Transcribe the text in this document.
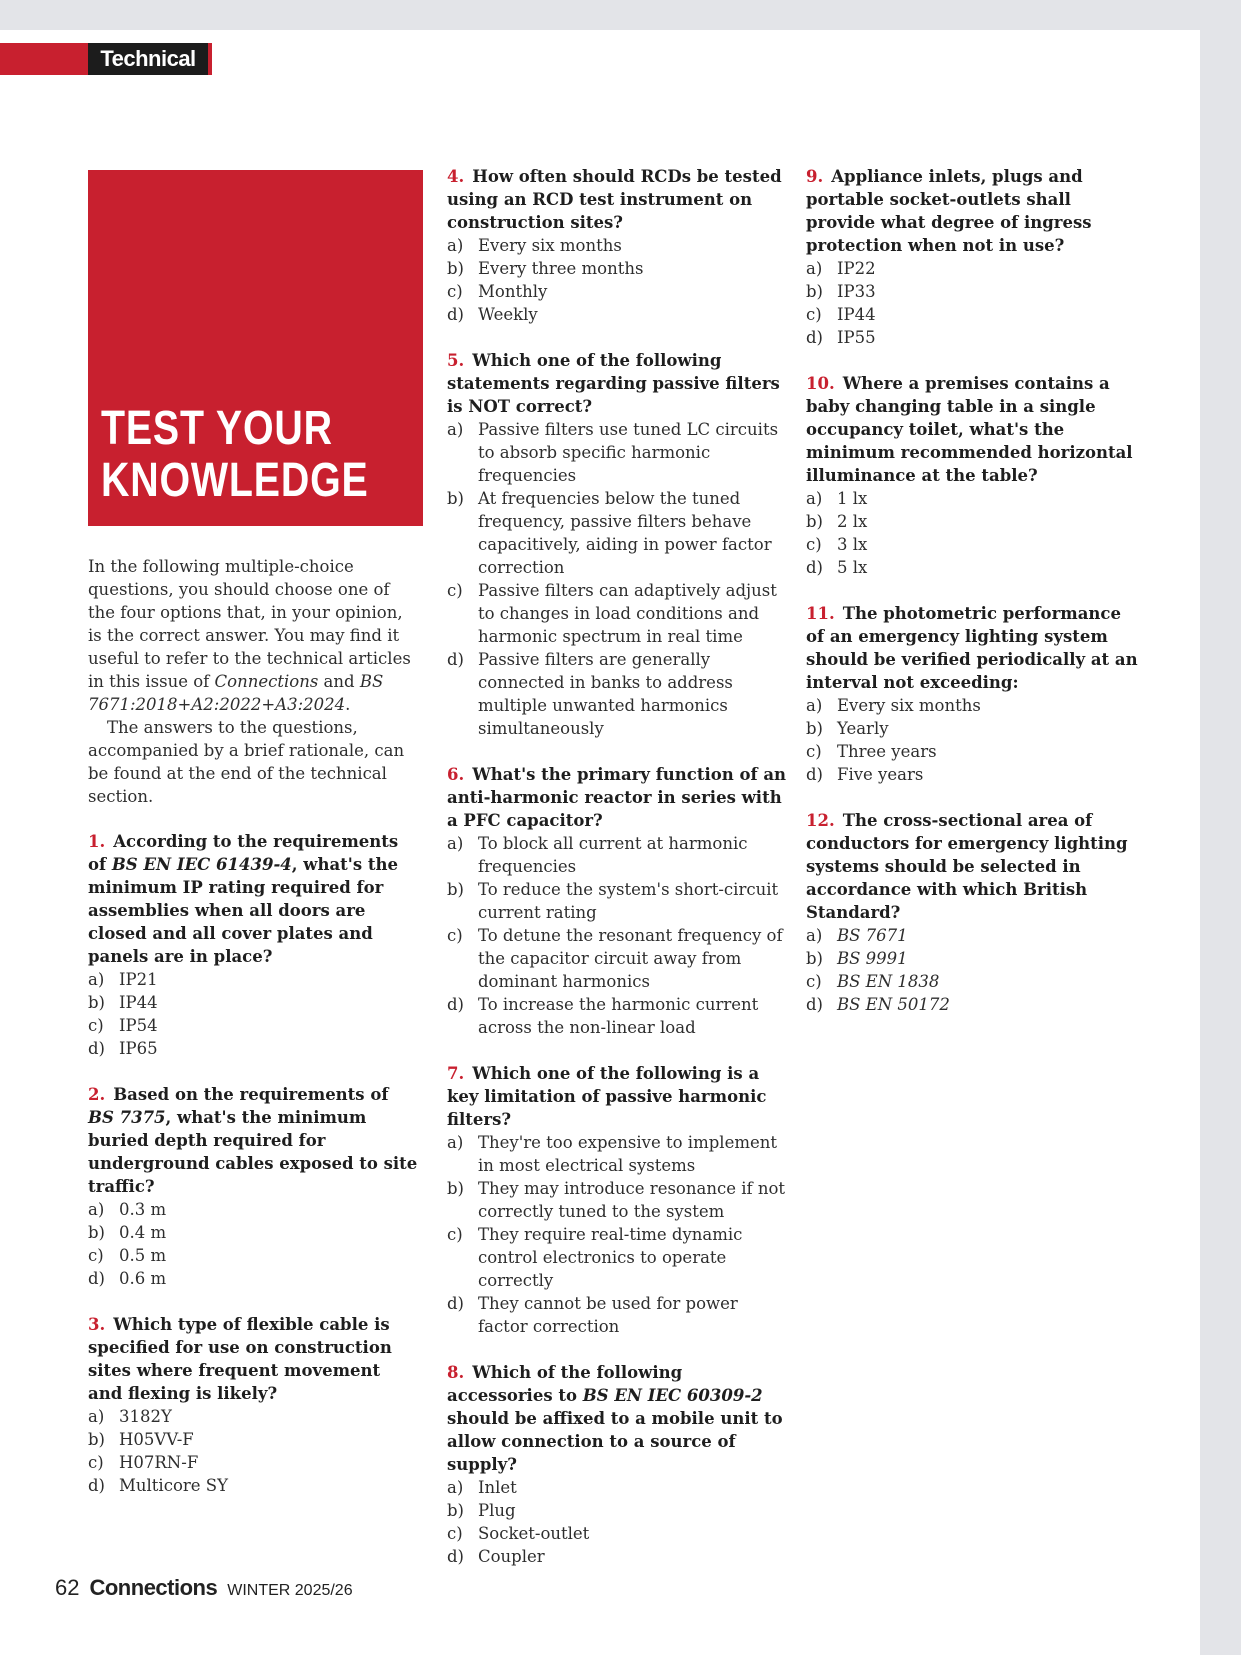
Technical
TEST YOUR
KNOWLEDGE

In the following multiple-choice questions, you should choose one of the four options that, in your opinion, is the correct answer. You may find it useful to refer to the technical articles in this issue of Connections and BS 7671:2018+A2:2022+A3:2024.

The answers to the questions, accompanied by a brief rationale, can be found at the end of the technical section.

1. According to the requirements of BS EN IEC 61439-4, what's the minimum IP rating required for assemblies when all doors are closed and all cover plates and panels are in place?
a) IP21
b) IP44
c) IP54
d) IP65
2. Based on the requirements of BS 7375, what's the minimum buried depth required for underground cables exposed to site traffic?
a) 0.3 m
b) 0.4 m
c) 0.5 m
d) 0.6 m
3. Which type of flexible cable is specified for use on construction sites where frequent movement and flexing is likely?
a) 3182Y
b) H05VV-F
c) H07RN-F
d) Multicore SY
4. How often should RCDs be tested using an RCD test instrument on construction sites?
a) Every six months
b) Every three months
c) Monthly
d) Weekly
5. Which one of the following statements regarding passive filters is NOT correct?
a) Passive filters use tuned LC circuits to absorb specific harmonic frequencies
b) At frequencies below the tuned frequency, passive filters behave capacitively, aiding in power factor correction
c) Passive filters can adaptively adjust to changes in load conditions and harmonic spectrum in real time
d) Passive filters are generally connected in banks to address multiple unwanted harmonics simultaneously
6. What's the primary function of an anti-harmonic reactor in series with a PFC capacitor?
a) To block all current at harmonic frequencies
b) To reduce the system's short-circuit current rating
c) To detune the resonant frequency of the capacitor circuit away from dominant harmonics
d) To increase the harmonic current across the non-linear load
7. Which one of the following is a key limitation of passive harmonic filters?
a) They're too expensive to implement in most electrical systems
b) They may introduce resonance if not correctly tuned to the system
c) They require real-time dynamic control electronics to operate correctly
d) They cannot be used for power factor correction
8. Which of the following accessories to BS EN IEC 60309-2 should be affixed to a mobile unit to allow connection to a source of supply?
a) Inlet
b) Plug
c) Socket-outlet
d) Coupler
9. Appliance inlets, plugs and portable socket-outlets shall provide what degree of ingress protection when not in use?
a) IP22
b) IP33
c) IP44
d) IP55
10. Where a premises contains a baby changing table in a single occupancy toilet, what's the minimum recommended horizontal illuminance at the table?
a) 1 lx
b) 2 lx
c) 3 lx
d) 5 lx
11. The photometric performance of an emergency lighting system should be verified periodically at an interval not exceeding:
a) Every six months
b) Yearly
c) Three years
d) Five years
12. The cross-sectional area of conductors for emergency lighting systems should be selected in accordance with which British Standard?
a) BS 7671
b) BS 9991
c) BS EN 1838
d) BS EN 50172
62 Connections WINTER 2025/26
